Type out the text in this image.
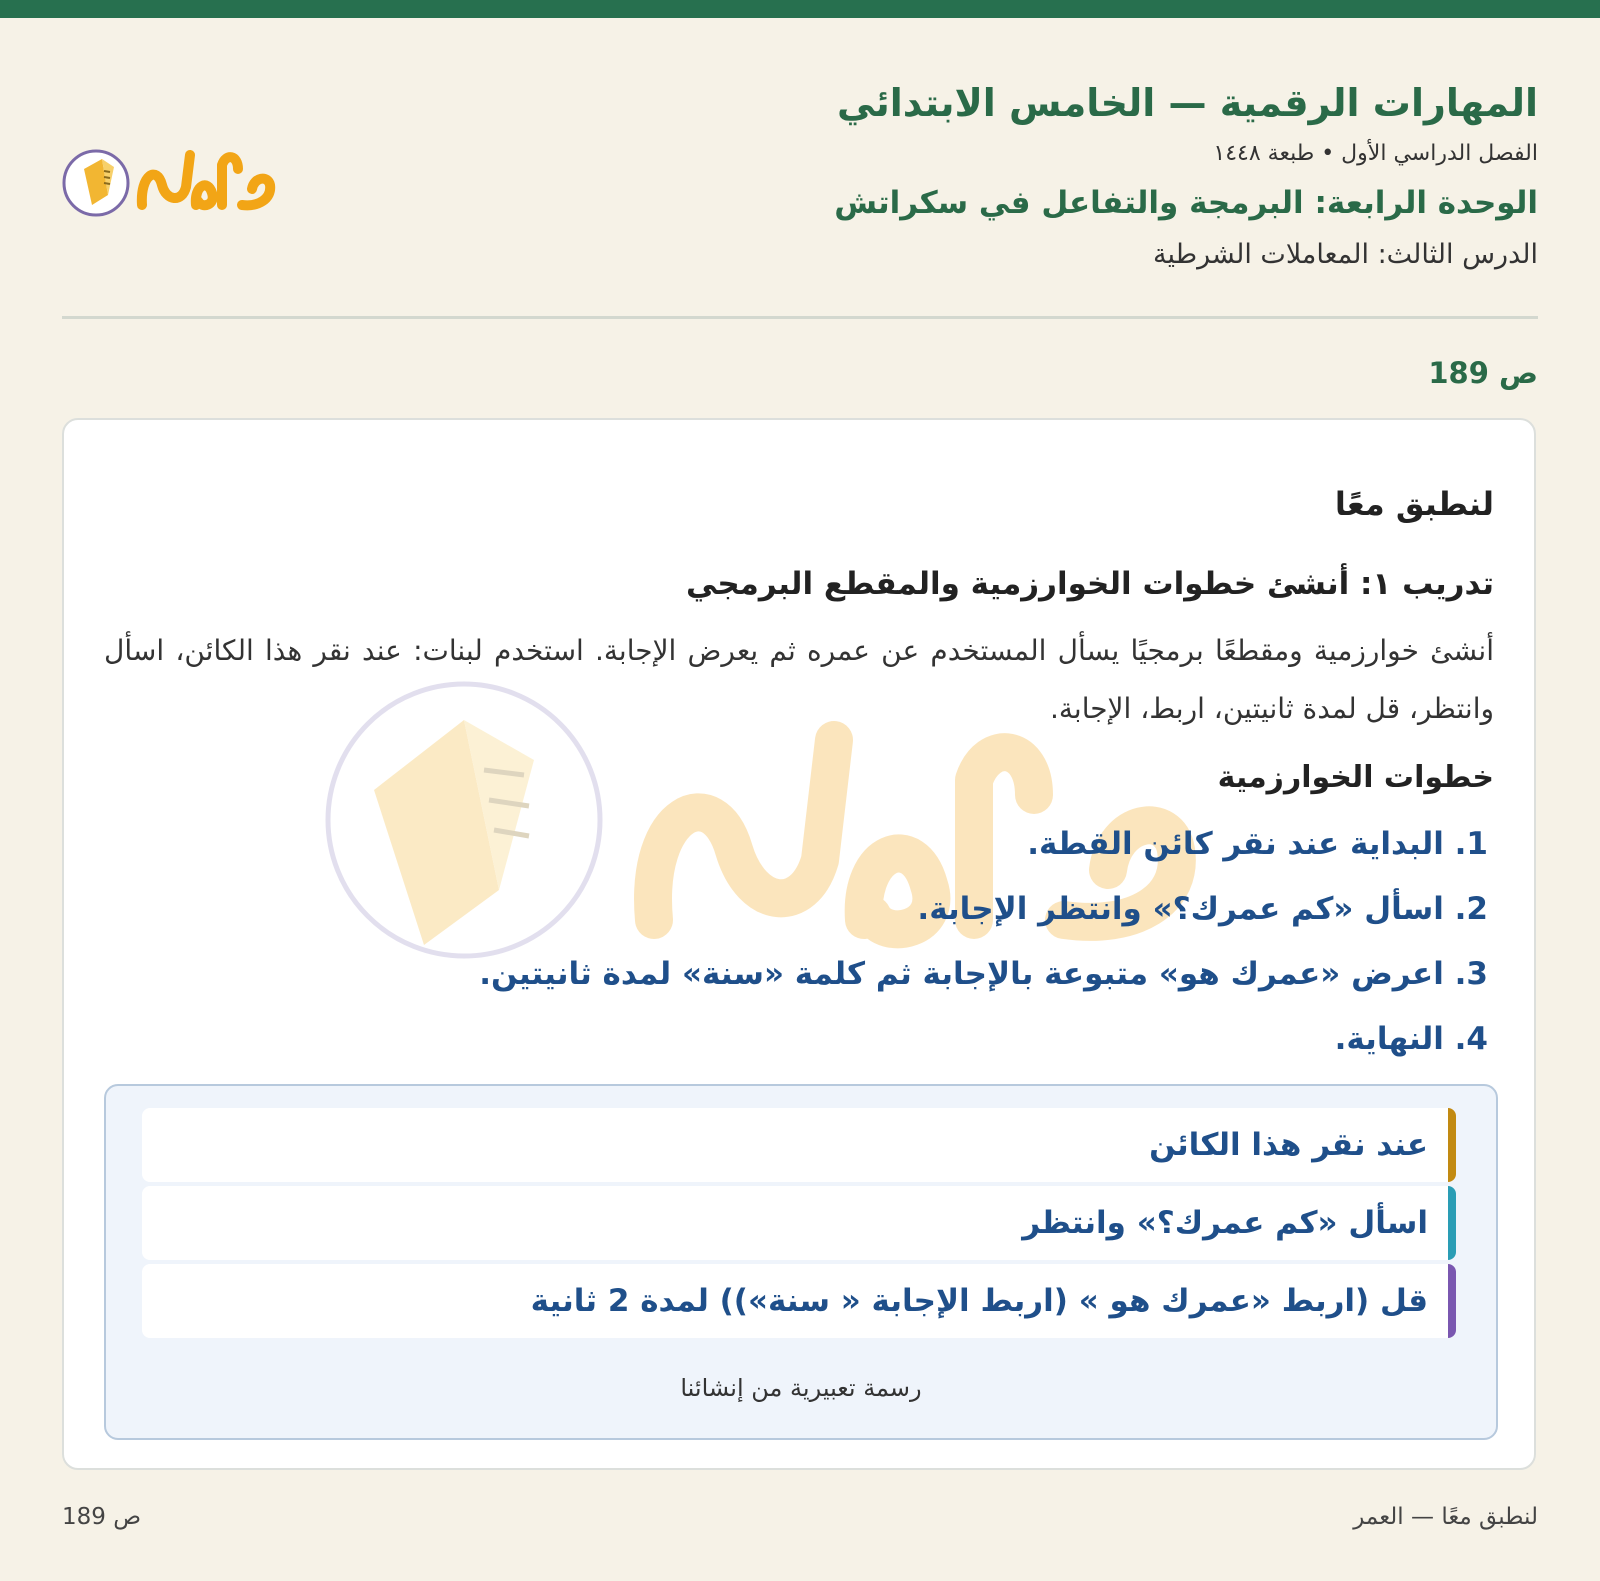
المهارات الرقمية — الخامس الابتدائي
الفصل الدراسي الأول • طبعة ١٤٤٨
الوحدة الرابعة: البرمجة والتفاعل في سكراتش
الدرس الثالث: المعاملات الشرطية
ص 189
لنطبق معًا
تدريب ١: أنشئ خطوات الخوارزمية والمقطع البرمجي
أنشئ خوارزمية ومقطعًا برمجيًا يسأل المستخدم عن عمره ثم يعرض الإجابة. استخدم لبنات: عند نقر هذا الكائن، اسأل وانتظر، قل لمدة ثانيتين، اربط، الإجابة.
خطوات الخوارزمية
1. البداية عند نقر كائن القطة.
2. اسأل «كم عمرك؟» وانتظر الإجابة.
3. اعرض «عمرك هو» متبوعة بالإجابة ثم كلمة «سنة» لمدة ثانيتين.
4. النهاية.
عند نقر هذا الكائن
اسأل «كم عمرك؟» وانتظر
قل (اربط «عمرك هو » (اربط الإجابة « سنة»)) لمدة 2 ثانية
رسمة تعبيرية من إنشائنا
لنطبق معًا — العمر
ص 189
